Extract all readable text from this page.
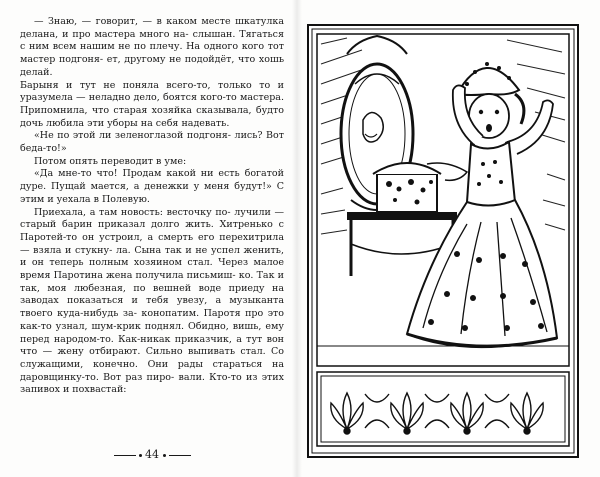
— Знаю, — говорит, — в каком месте шкатулка делана, и про мастера много на- слышан. Тягаться с ним всем нашим не по плечу. На одного кого тот мастер подгоня- ет, другому не подойдёт, что хошь делай.

Барыня и тут не поняла всего-то, только то и уразумела — неладно дело, боятся кого-то мастера. Припомнила, что старая хозяйка сказывала, будто дочь любила эти уборы на себя надевать.

«Не по этой ли зеленоглазой подгоня- лись? Вот беда-то!»

Потом опять переводит в уме:

«Да мне-то что! Продам какой ни есть богатой дуре. Пущай мается, а денежки у меня будут!» С этим и уехала в Полевую.

Приехала, а там новость: весточку по- лучили — старый барин приказал долго жить. Хитренько с Паротей-то он устроил, а смерть его перехитрила — взяла и стукну- ла. Сына так и не успел женить, и он теперь полным хозяином стал. Через малое время Паротина жена получила письмиш- ко. Так и так, моя любезная, по вешней воде приеду на заводах показаться и тебя увезу, а музыканта твоего куда-нибудь за- конопатим. Паротя про это как-то узнал, шум-крик поднял. Обидно, вишь, ему перед народом-то. Как-никак приказчик, а тут вон что — жену отбирают. Сильно выпивать стал. Со служащими, конечно. Они рады стараться на даровщинку-то. Вот раз пиро- вали. Кто-то из этих запивох и похвастай:

44
